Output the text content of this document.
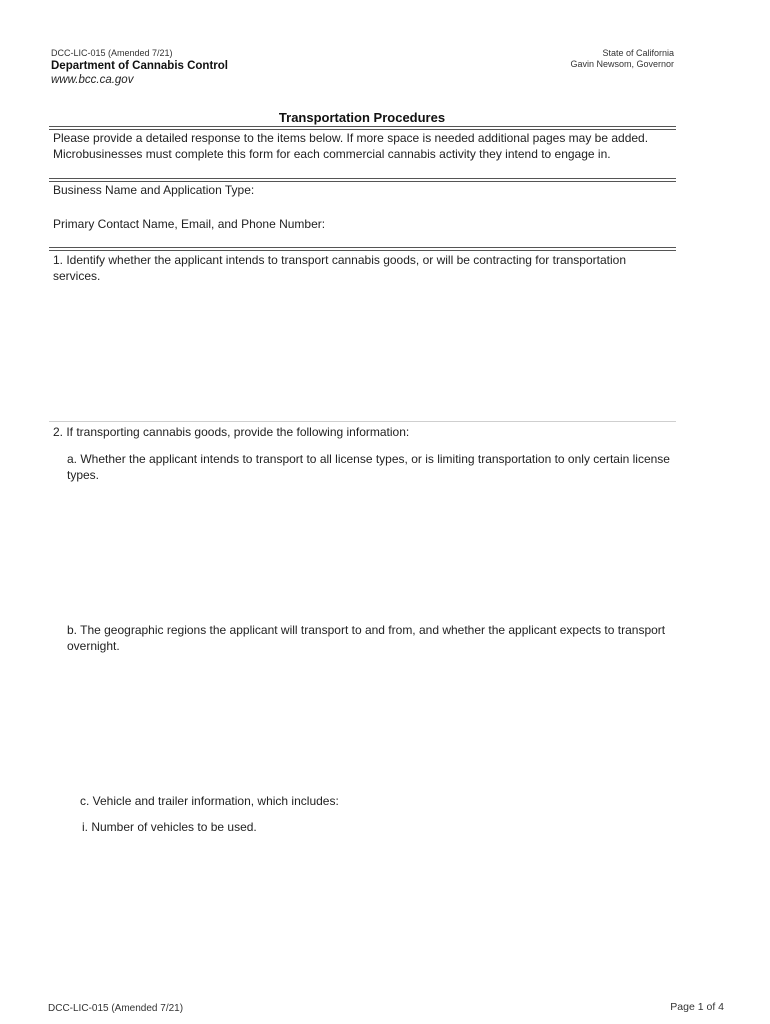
DCC-LIC-015 (Amended 7/21)
Department of Cannabis Control
www.bcc.ca.gov
State of California
Gavin Newsom, Governor
Transportation Procedures
Please provide a detailed response to the items below. If more space is needed additional pages may be added. Microbusinesses must complete this form for each commercial cannabis activity they intend to engage in.
Business Name and Application Type:
Primary Contact Name, Email, and Phone Number:
1. Identify whether the applicant intends to transport cannabis goods, or will be contracting for transportation services.
2. If transporting cannabis goods, provide the following information:
a. Whether the applicant intends to transport to all license types, or is limiting transportation to only certain license types.
b. The geographic regions the applicant will transport to and from, and whether the applicant expects to transport overnight.
c. Vehicle and trailer information, which includes:
i. Number of vehicles to be used.
DCC-LIC-015 (Amended 7/21)	Page 1 of 4
